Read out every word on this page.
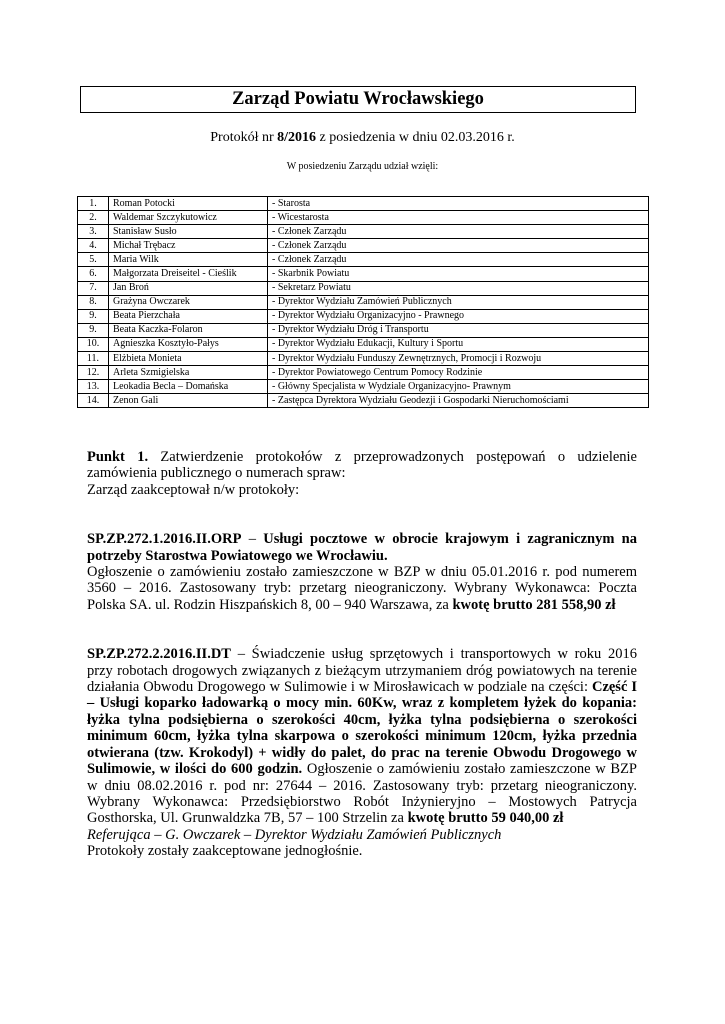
Zarząd Powiatu Wrocławskiego
Protokół nr 8/2016 z posiedzenia w dniu 02.03.2016 r.
W posiedzeniu Zarządu udział wzięli:
1.	Roman Potocki	- Starosta
2.	Waldemar Szczykutowicz	- Wicestarosta
3.	Stanisław Susło	- Członek Zarządu
4.	Michał Trębacz	- Członek Zarządu
5.	Maria Wilk	- Członek Zarządu
6.	Małgorzata Dreiseitel - Cieślik	- Skarbnik Powiatu
7.	Jan Broń	- Sekretarz Powiatu
8.	Grażyna Owczarek	- Dyrektor Wydziału Zamówień Publicznych
9.	Beata Pierzchała	- Dyrektor Wydziału Organizacyjno - Prawnego
9.	Beata Kaczka-Folaron	- Dyrektor Wydziału Dróg i Transportu
10.	Agnieszka Kosztyło-Pałys	- Dyrektor Wydziału Edukacji, Kultury i Sportu
11.	Elżbieta Monieta	- Dyrektor Wydziału Funduszy Zewnętrznych, Promocji i Rozwoju
12.	Arleta Szmigielska	- Dyrektor Powiatowego Centrum Pomocy Rodzinie
13.	Leokadia Becla – Domańska	- Główny Specjalista w Wydziale Organizacyjno- Prawnym
14.	Zenon Gali	- Zastępca Dyrektora Wydziału Geodezji i Gospodarki Nieruchomościami

Punkt 1. Zatwierdzenie protokołów z przeprowadzonych postępowań o udzielenie zamówienia publicznego o numerach spraw:

Zarząd zaakceptował n/w protokoły:

SP.ZP.272.1.2016.II.ORP – Usługi pocztowe w obrocie krajowym i zagranicznym na potrzeby Starostwa Powiatowego we Wrocławiu.

Ogłoszenie o zamówieniu zostało zamieszczone w BZP w dniu 05.01.2016 r. pod numerem 3560 – 2016. Zastosowany tryb: przetarg nieograniczony. Wybrany Wykonawca: Poczta Polska SA. ul. Rodzin Hiszpańskich 8, 00 – 940 Warszawa, za kwotę brutto 281 558,90 zł

SP.ZP.272.2.2016.II.DT – Świadczenie usług sprzętowych i transportowych w roku 2016 przy robotach drogowych związanych z bieżącym utrzymaniem dróg powiatowych na terenie działania Obwodu Drogowego w Sulimowie i w Mirosławicach w podziale na części: Część I – Usługi koparko ładowarką o mocy min. 60Kw, wraz z kompletem łyżek do kopania: łyżka tylna podsiębierna o szerokości 40cm, łyżka tylna podsiębierna o szerokości minimum 60cm, łyżka tylna skarpowa o szerokości minimum 120cm, łyżka przednia otwierana (tzw. Krokodyl) + widły do palet, do prac na terenie Obwodu Drogowego w Sulimowie, w ilości do 600 godzin. Ogłoszenie o zamówieniu zostało zamieszczone w BZP w dniu 08.02.2016 r. pod nr: 27644 – 2016. Zastosowany tryb: przetarg nieograniczony. Wybrany Wykonawca: Przedsiębiorstwo Robót Inżynieryjno – Mostowych Patrycja Gosthorska, Ul. Grunwaldzka 7B, 57 – 100 Strzelin za kwotę brutto 59 040,00 zł

Referująca – G. Owczarek – Dyrektor Wydziału Zamówień Publicznych

Protokoły zostały zaakceptowane jednogłośnie.
